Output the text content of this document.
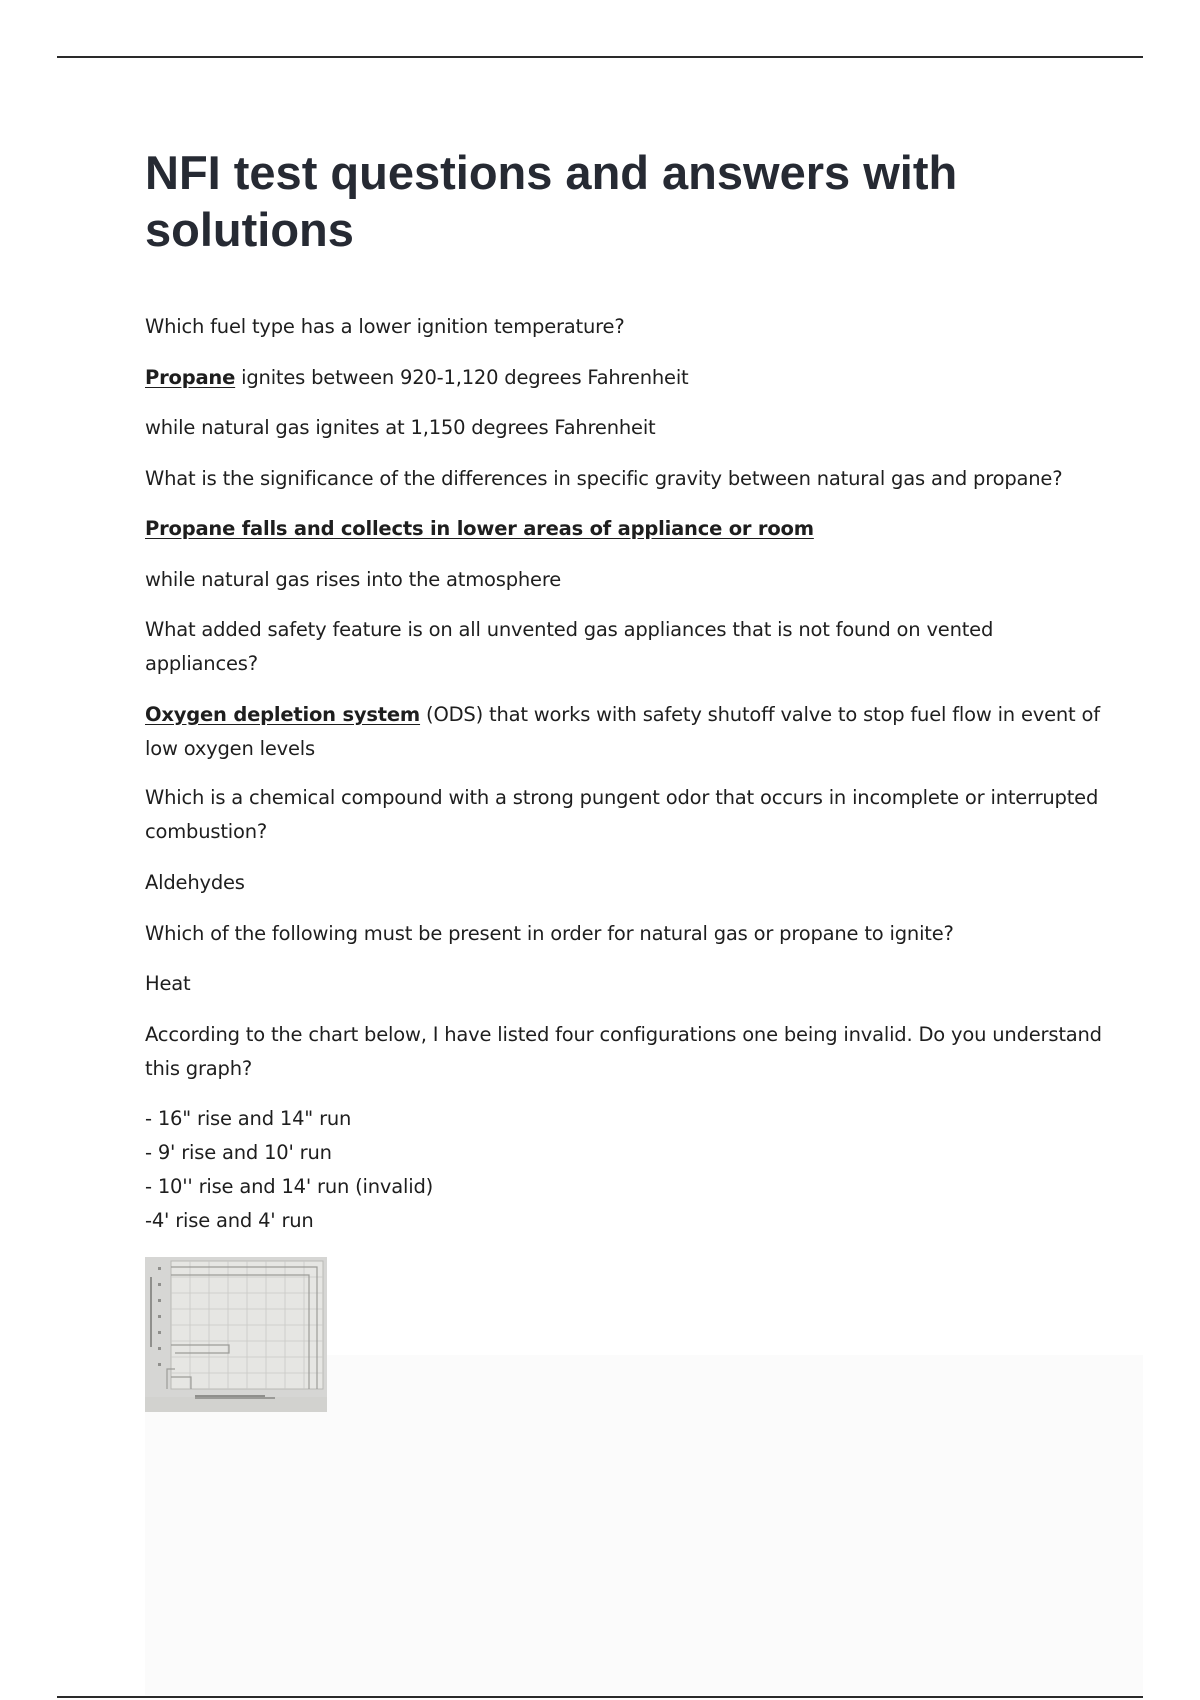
NFI test questions and answers with solutions

Which fuel type has a lower ignition temperature?

Propane ignites between 920-1,120 degrees Fahrenheit

while natural gas ignites at 1,150 degrees Fahrenheit

What is the significance of the differences in specific gravity between natural gas and propane?

Propane falls and collects in lower areas of appliance or room

while natural gas rises into the atmosphere

What added safety feature is on all unvented gas appliances that is not found on vented appliances?

Oxygen depletion system (ODS) that works with safety shutoff valve to stop fuel flow in event of low oxygen levels

Which is a chemical compound with a strong pungent odor that occurs in incomplete or interrupted combustion?

Aldehydes

Which of the following must be present in order for natural gas or propane to ignite?

Heat

According to the chart below, I have listed four configurations one being invalid. Do you understand this graph?

- 16" rise and 14" run

- 9' rise and 10' run

- 10'' rise and 14' run (invalid)

-4' rise and 4' run
